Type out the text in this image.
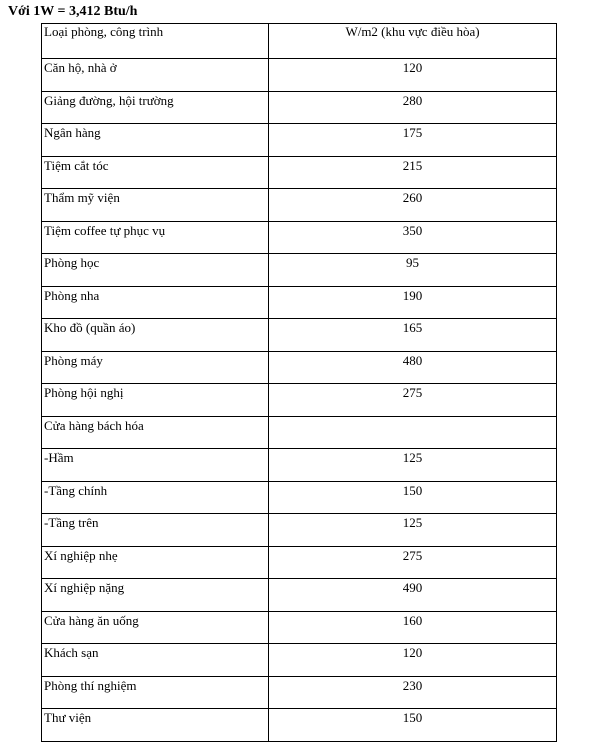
Với 1W = 3,412 Btu/h
Loại phòng, công trình	W/m2 (khu vực điều hòa)
Căn hộ, nhà ở	120
Giảng đường, hội trường	280
Ngân hàng	175
Tiệm cắt tóc	215
Thẩm mỹ viện	260
Tiệm coffee tự phục vụ	350
Phòng học	95
Phòng nha	190
Kho đồ (quần áo)	165
Phòng máy	480
Phòng hội nghị	275
Cửa hàng bách hóa	
-Hầm	125
-Tầng chính	150
-Tầng trên	125
Xí nghiệp nhẹ	275
Xí nghiệp nặng	490
Cửa hàng ăn uống	160
Khách sạn	120
Phòng thí nghiệm	230
Thư viện	150
